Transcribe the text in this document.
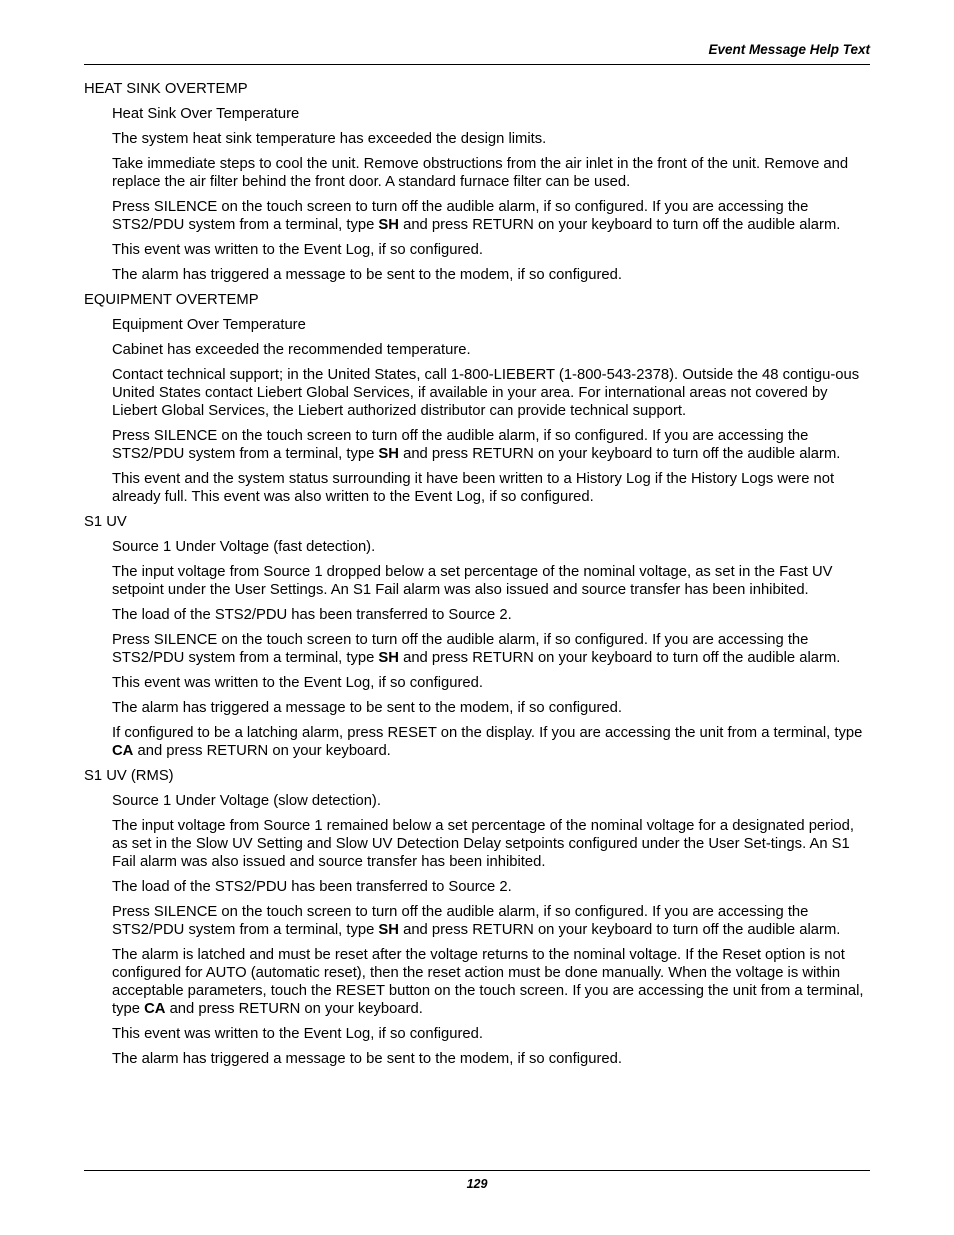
Event Message Help Text

HEAT SINK OVERTEMP

Heat Sink Over Temperature

The system heat sink temperature has exceeded the design limits.

Take immediate steps to cool the unit. Remove obstructions from the air inlet in the front of the unit. Remove and replace the air filter behind the front door. A standard furnace filter can be used.

Press SILENCE on the touch screen to turn off the audible alarm, if so configured. If you are accessing the STS2/PDU system from a terminal, type SH and press RETURN on your keyboard to turn off the audible alarm.

This event was written to the Event Log, if so configured.

The alarm has triggered a message to be sent to the modem, if so configured.

EQUIPMENT OVERTEMP

Equipment Over Temperature

Cabinet has exceeded the recommended temperature.

Contact technical support; in the United States, call 1-800-LIEBERT (1-800-543-2378). Outside the 48 contigu-ous United States contact Liebert Global Services, if available in your area. For international areas not covered by Liebert Global Services, the Liebert authorized distributor can provide technical support.

Press SILENCE on the touch screen to turn off the audible alarm, if so configured. If you are accessing the STS2/PDU system from a terminal, type SH and press RETURN on your keyboard to turn off the audible alarm.

This event and the system status surrounding it have been written to a History Log if the History Logs were not already full. This event was also written to the Event Log, if so configured.

S1 UV

Source 1 Under Voltage (fast detection).

The input voltage from Source 1 dropped below a set percentage of the nominal voltage, as set in the Fast UV setpoint under the User Settings. An S1 Fail alarm was also issued and source transfer has been inhibited.

The load of the STS2/PDU has been transferred to Source 2.

Press SILENCE on the touch screen to turn off the audible alarm, if so configured. If you are accessing the STS2/PDU system from a terminal, type SH and press RETURN on your keyboard to turn off the audible alarm.

This event was written to the Event Log, if so configured.

The alarm has triggered a message to be sent to the modem, if so configured.

If configured to be a latching alarm, press RESET on the display. If you are accessing the unit from a terminal, type CA and press RETURN on your keyboard.

S1 UV (RMS)

Source 1 Under Voltage (slow detection).

The input voltage from Source 1 remained below a set percentage of the nominal voltage for a designated period, as set in the Slow UV Setting and Slow UV Detection Delay setpoints configured under the User Set-tings. An S1 Fail alarm was also issued and source transfer has been inhibited.

The load of the STS2/PDU has been transferred to Source 2.

Press SILENCE on the touch screen to turn off the audible alarm, if so configured. If you are accessing the STS2/PDU system from a terminal, type SH and press RETURN on your keyboard to turn off the audible alarm.

The alarm is latched and must be reset after the voltage returns to the nominal voltage. If the Reset option is not configured for AUTO (automatic reset), then the reset action must be done manually. When the voltage is within acceptable parameters, touch the RESET button on the touch screen. If you are accessing the unit from a terminal, type CA and press RETURN on your keyboard.

This event was written to the Event Log, if so configured.

The alarm has triggered a message to be sent to the modem, if so configured.

129
